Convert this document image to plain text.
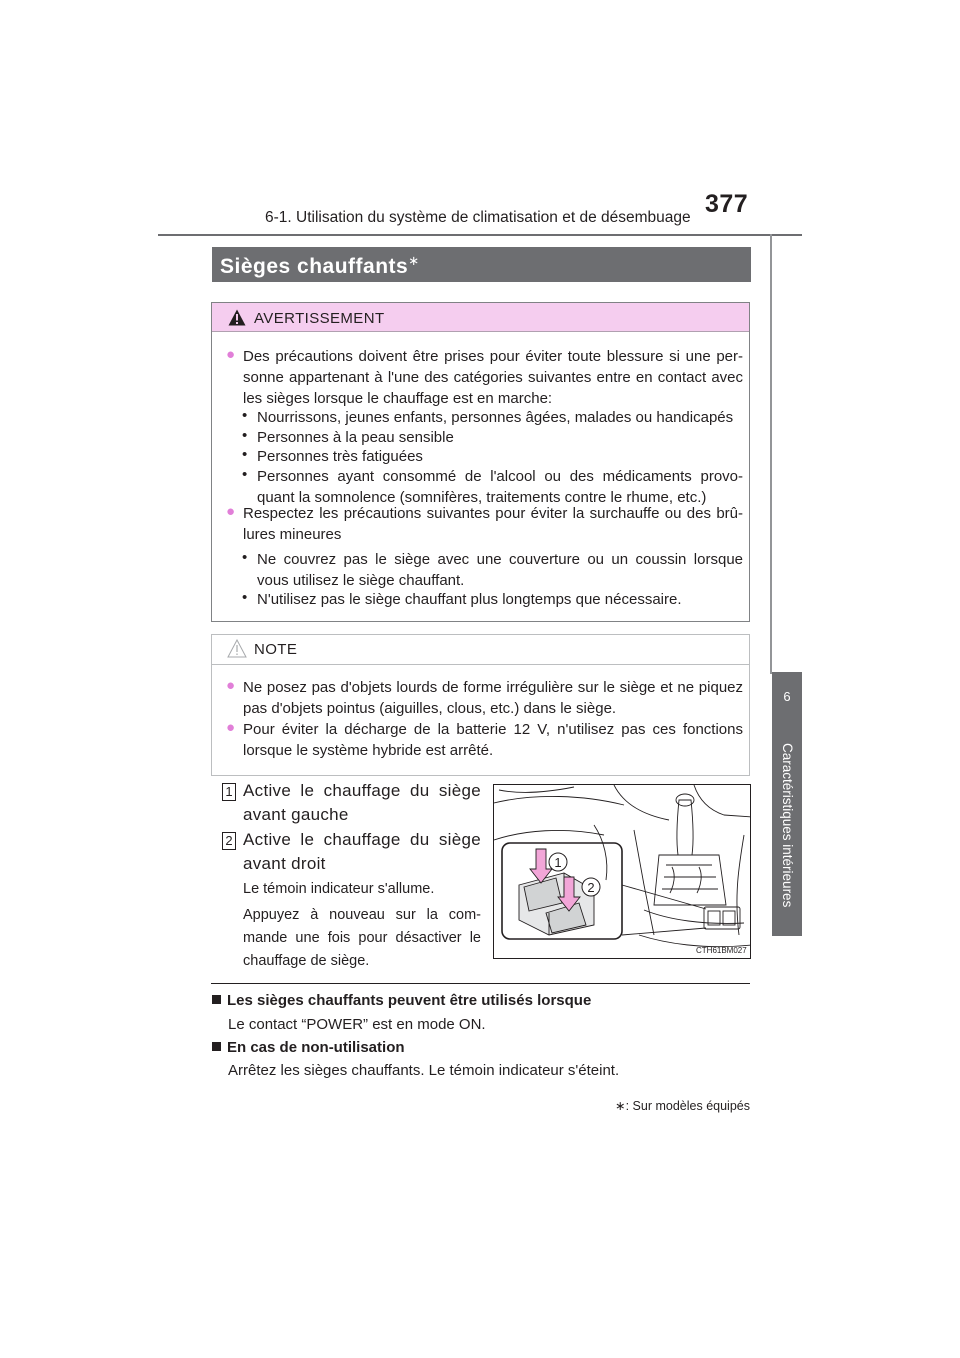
6-1. Utilisation du système de climatisation et de désembuage 377
6
Caractéristiques intérieures
Sièges chauffants∗
AVERTISSEMENT
● Des précautions doivent être prises pour éviter toute blessure si une per-sonne appartenant à l'une des catégories suivantes entre en contact avec les sièges lorsque le chauffage est en marche:
• Nourrissons, jeunes enfants, personnes âgées, malades ou handicapés
• Personnes à la peau sensible
• Personnes très fatiguées
• Personnes ayant consommé de l'alcool ou des médicaments provo-quant la somnolence (somnifères, traitements contre le rhume, etc.)
● Respectez les précautions suivantes pour éviter la surchauffe ou des brû-lures mineures
• Ne couvrez pas le siège avec une couverture ou un coussin lorsque vous utilisez le siège chauffant.
• N'utilisez pas le siège chauffant plus longtemps que nécessaire.
NOTE
● Ne posez pas d'objets lourds de forme irrégulière sur le siège et ne piquez pas d'objets pointus (aiguilles, clous, etc.) dans le siège.
● Pour éviter la décharge de la batterie 12 V, n'utilisez pas ces fonctions lorsque le système hybride est arrêté.
1 Active le chauffage du siège avant gauche
2 Active le chauffage du siège avant droit
Le témoin indicateur s'allume.
Appuyez à nouveau sur la com-mande une fois pour désactiver le chauffage de siège.
1
2
CTH61BM027
Les sièges chauffants peuvent être utilisés lorsque
Le contact “POWER” est en mode ON.
En cas de non-utilisation
Arrêtez les sièges chauffants. Le témoin indicateur s'éteint.
∗: Sur modèles équipés
